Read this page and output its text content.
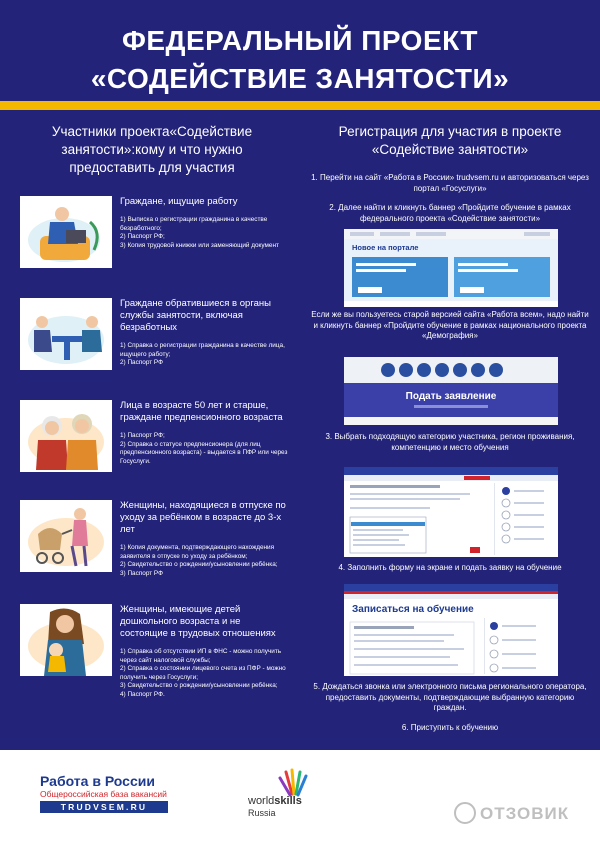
ФЕДЕРАЛЬНЫЙ ПРОЕКТ
«СОДЕЙСТВИЕ ЗАНЯТОСТИ»
Участники проекта«Содействие занятости»:кому и что нужно предоставить для участия
Регистрация для участия в проекте «Содействие занятости»
Граждане, ищущие работу
1) Выписка о регистрации гражданина в качестве безработного;
2) Паспорт РФ;
3) Копия трудовой книжки или заменяющий документ
Граждане обратившиеся в органы службы занятости, включая безработных
1) Справка о регистрации гражданина в качестве лица, ищущего работу;
2) Паспорт РФ
Лица в возрасте 50 лет и старше, граждане предпенсионного возраста
1) Паспорт РФ;
2) Справка о статусе предпенсионера (для лиц предпенсионного возраста) - выдается в ПФР или через Госуслуги.
Женщины, находящиеся в отпуске по уходу за ребёнком в возрасте до 3-х лет
1) Копия документа, подтверждающего нахождения заявителя в отпуске по уходу за ребёнком;
2) Свидетельство о рождении/усыновлении ребёнка;
3) Паспорт РФ
Женщины, имеющие детей дошкольного возраста и не состоящие в трудовых отношениях
1) Справка об отсутствии ИП в ФНС - можно получить через сайт налоговой службы;
2) Справка о состоянии лицевого счета из ПФР - можно получить через Госуслуги;
3) Свидетельство о рождении/усыновлении ребёнка;
4) Паспорт РФ.
1. Перейти на сайт «Работа в России» trudvsem.ru и авторизоваться через портал «Госуслуги»
2. Далее найти и кликнуть баннер «Пройдите обучение в рамках федерального проекта «Содействие занятости»
Новое на портале
Если же вы пользуетесь старой версией сайта «Работа всем», надо найти и кликнуть баннер «Пройдите обучение в рамках национального проекта «Демография»
Подать заявление
3. Выбрать подходящую категорию участника, регион проживания, компетенцию и место обучения
4. Заполнить форму на экране и подать заявку на обучение
Записаться на обучение
5. Дождаться звонка или электронного письма регионального оператора, предоставить документы, подтверждающие выбранную категорию граждан.
6. Приступить к обучению
Работа в России
Общероссийская база вакансий
TRUDVSEM.RU	worldskills
Russia	ОТЗОВИК
